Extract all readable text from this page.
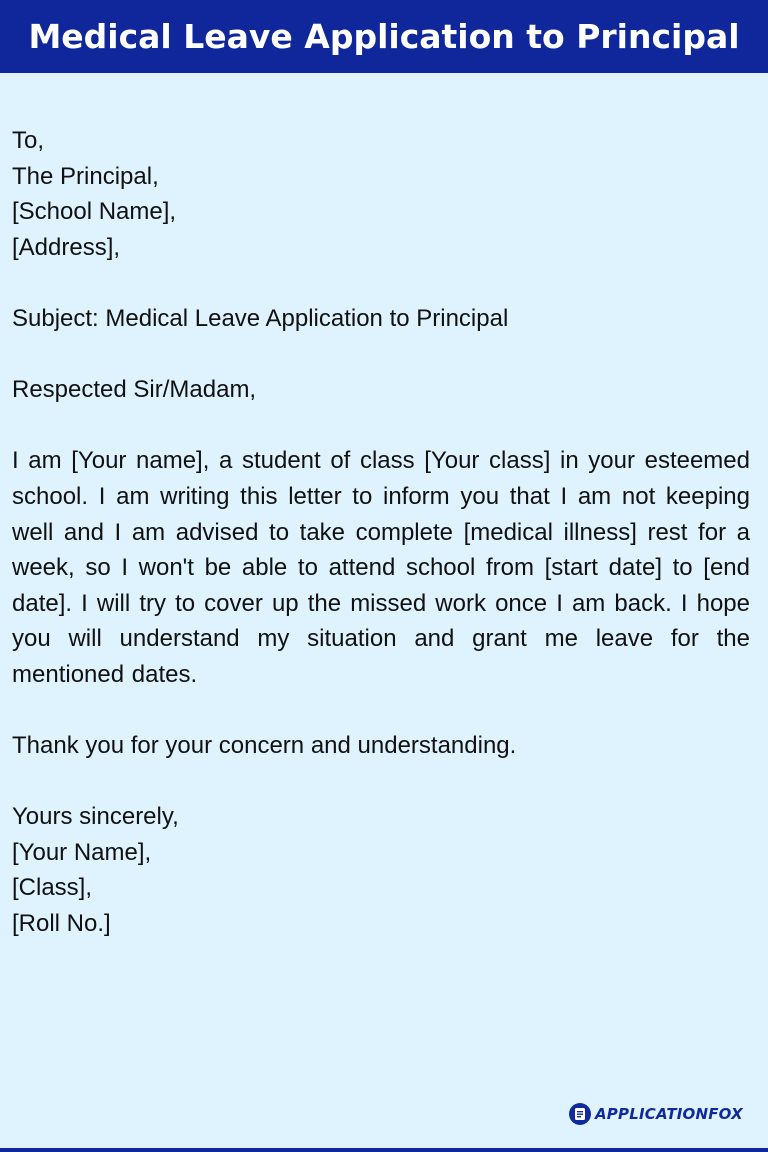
Medical Leave Application to Principal
To,
The Principal,
[School Name],
[Address],
Subject: Medical Leave Application to Principal
Respected Sir/Madam,
I am [Your name], a student of class [Your class] in your esteemed school. I am writing this letter to inform you that I am not keeping well and I am advised to take complete [medical illness] rest for a week, so I won't be able to attend school from [start date] to [end date]. I will try to cover up the missed work once I am back. I hope you will understand my situation and grant me leave for the mentioned dates.
Thank you for your concern and understanding.
Yours sincerely,
[Your Name],
[Class],
[Roll No.]
APPLICATIONFOX
